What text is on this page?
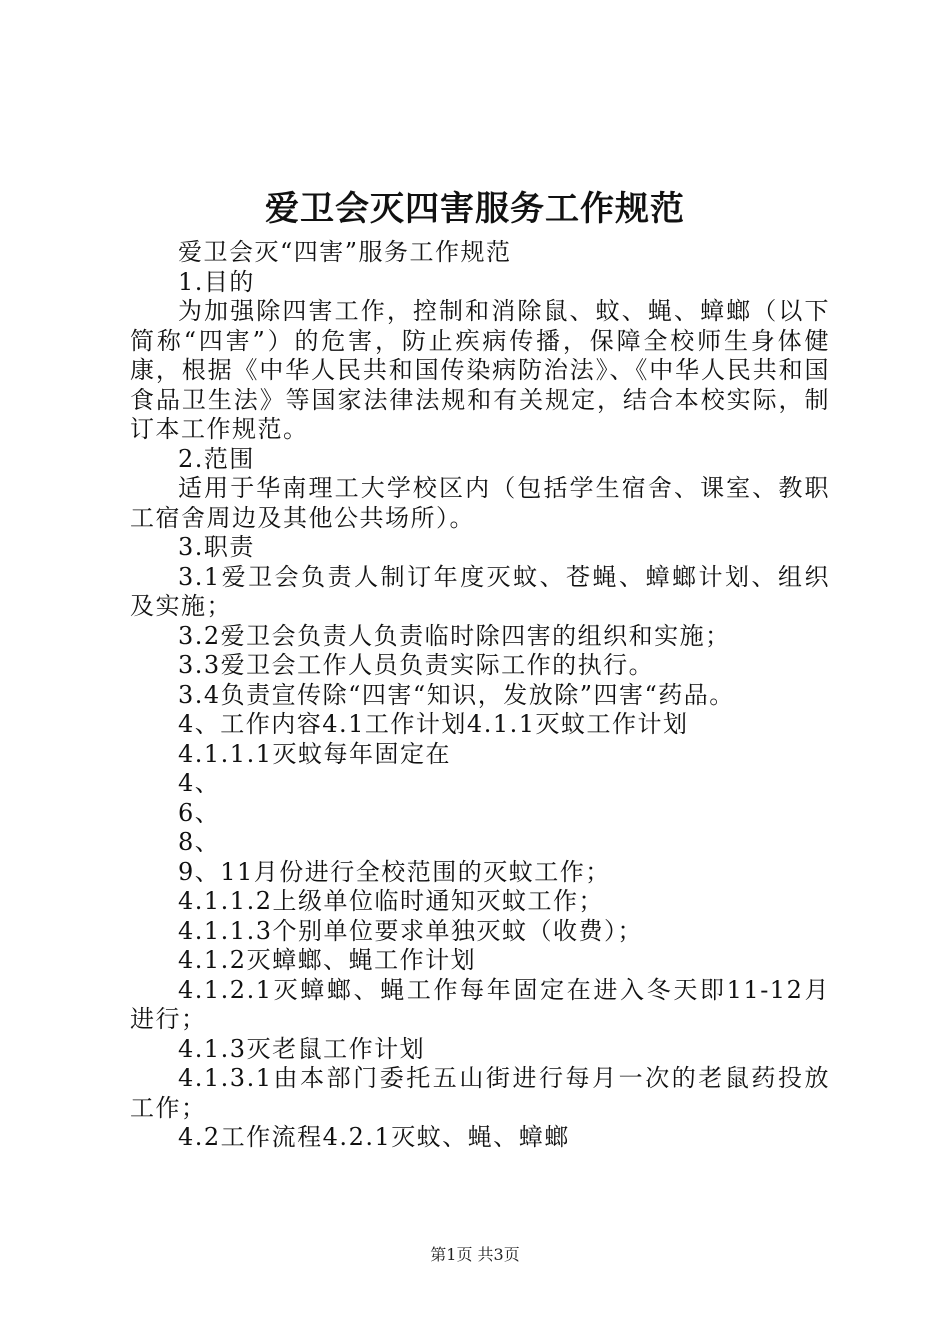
爱卫会灭四害服务工作规范

爱卫会灭“四害”服务工作规范

1.目的

为加强除四害工作，控制和消除鼠、蚊、蝇、蟑螂（以下简称“四害”）的危害，防止疾病传播，保障全校师生身体健康，根据《中华人民共和国传染病防治法》、《中华人民共和国食品卫生法》等国家法律法规和有关规定，结合本校实际，制订本工作规范。

2.范围

适用于华南理工大学校区内（包括学生宿舍、课室、教职工宿舍周边及其他公共场所）。

3.职责

3.1爱卫会负责人制订年度灭蚊、苍蝇、蟑螂计划、组织及实施；

3.2爱卫会负责人负责临时除四害的组织和实施；

3.3爱卫会工作人员负责实际工作的执行。

3.4负责宣传除“四害“知识，发放除”四害“药品。

4、工作内容4.1工作计划4.1.1灭蚊工作计划

4.1.1.1灭蚊每年固定在

4、

6、

8、

9、11月份进行全校范围的灭蚊工作；

4.1.1.2上级单位临时通知灭蚊工作；

4.1.1.3个别单位要求单独灭蚊（收费）；

4.1.2灭蟑螂、蝇工作计划

4.1.2.1灭蟑螂、蝇工作每年固定在进入冬天即11-12月进行；

4.1.3灭老鼠工作计划

4.1.3.1由本部门委托五山街进行每月一次的老鼠药投放工作；

4.2工作流程4.2.1灭蚊、蝇、蟑螂

第1页 共3页
